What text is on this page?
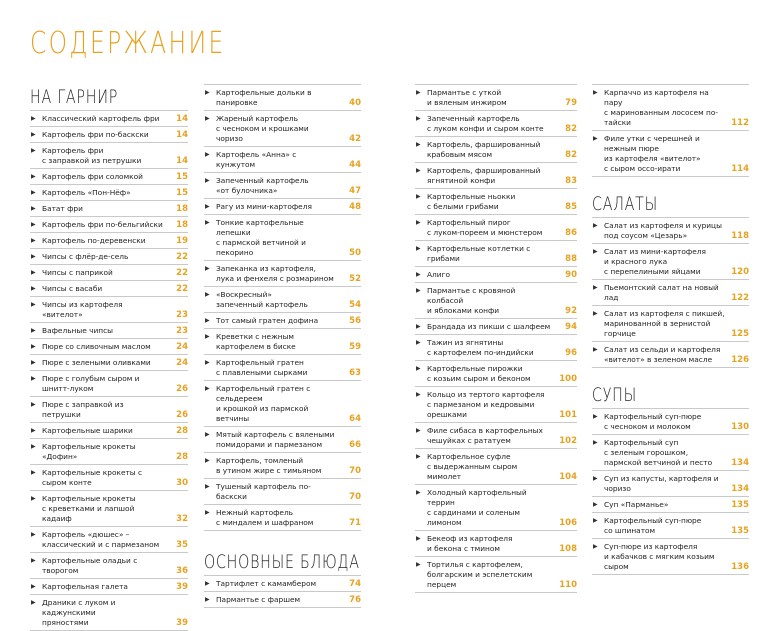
СОДЕРЖАНИЕ
НА ГАРНИР
▶ Классический картофель фри	14
▶ Картофель фри по-баскски	14
▶ Картофель фри
с заправкой из петрушки	14
▶ Картофель фри соломкой	15
▶ Картофель «Пон-Нёф»	15
▶ Батат фри	18
▶ Картофель фри по-бельгийски	18
▶ Картофель по-деревенски	19
▶ Чипсы с флёр-де-сель	22
▶ Чипсы с паприкой	22
▶ Чипсы с васаби	22
▶ Чипсы из картофеля «вителот»	23
▶ Вафельные чипсы	23
▶ Пюре со сливочным маслом	24
▶ Пюре с зелеными оливками	24
▶ Пюре с голубым сыром и шнитт-луком	26
▶ Пюре с заправкой из петрушки	26
▶ Картофельные шарики	28
▶ Картофельные крокеты «Дофин»	28
▶ Картофельные крокеты с сыром конте	30
▶ Картофельные крокеты
с креветками и лапшой кадаиф	32
▶ Картофель «дюшес» –
классический и с пармезаном	35
▶ Картофельные оладьи с творогом	36
▶ Картофельная галета	39
▶ Драники с луком и каджунскими
пряностями	39
▶ Картофельные дольки в панировке	40
▶ Жареный картофель
с чесноком и крошками чоризо	42
▶ Картофель «Анна» с кунжутом	44
▶ Запеченный картофель
«от булочника»	47
▶ Рагу из мини-картофеля	48
▶ Тонкие картофельные лепешки
с пармской ветчиной и пекорино	50
▶ Запеканка из картофеля,
лука и фенхеля с розмарином	52
▶ «Воскресный»
запеченный картофель	54
▶ Тот самый гратен дофина	56
▶ Креветки с нежным
картофелем в биске	59
▶ Картофельный гратен
с плавлеными сырками	63
▶ Картофельный гратен с сельдереем
и крошкой из пармской ветчины	64
▶ Мятый картофель с вялеными
помидорами и пармезаном	66
▶ Картофель, томленый
в утином жире с тимьяном	70
▶ Тушеный картофель по-баскски	70
▶ Нежный картофель
с миндалем и шафраном	71
ОСНОВНЫЕ БЛЮДА
▶ Тартифлет с камамбером	74
▶ Пармантье с фаршем	76
▶ Пармантье с уткой
и вяленым инжиром	79
▶ Запеченный картофель
с луком конфи и сыром конте	82
▶ Картофель, фаршированный
крабовым мясом	82
▶ Картофель, фаршированный
ягнятиной конфи	83
▶ Картофельные ньокки
с белыми грибами	85
▶ Картофельный пирог
с луком-пореем и мюнстером	86
▶ Картофельные котлетки с грибами	88
▶ Алиго	90
▶ Пармантье с кровяной колбасой
и яблоками конфи	92
▶ Брандада из пикши с шалфеем	94
▶ Тажин из ягнятины
с картофелем по-индийски	96
▶ Картофельные пирожки
с козьим сыром и беконом	100
▶ Кольцо из тертого картофеля
с пармезаном и кедровыми орешками	101
▶ Филе сибаса в картофельных
чешуйках с рататуем	102
▶ Картофельное суфле
с выдержанным сыром мимолет	104
▶ Холодный картофельный террин
с сардинами и соленым лимоном	106
▶ Бекеоф из картофеля
и бекона с тмином	108
▶ Тортилья с картофелем,
болгарским и эспелетским перцем	110
▶ Карпаччо из картофеля на пару
с маринованным лососем по-тайски	112
▶ Филе утки с черешней и нежным пюре
из картофеля «вителот»
с сыром оссо-ирати	114
САЛАТЫ
▶ Салат из картофеля и курицы
под соусом «Цезарь»	118
▶ Салат из мини-картофеля
и красного лука
с перепелиными яйцами	120
▶ Пьемонтский салат на новый лад	122
▶ Салат из картофеля с пикшей,
маринованной в зернистой горчице	125
▶ Салат из сельди и картофеля
«вителот» в зеленом масле	126
СУПЫ
▶ Картофельный суп-пюре
с чесноком и молоком	130
▶ Картофельный суп
с зеленым горошком,
пармской ветчиной и песто	134
▶ Суп из капусты, картофеля и чоризо	134
▶ Суп «Парманье»	135
▶ Картофельный суп-пюре
со шпинатом	135
▶ Суп-пюре из картофеля
и кабачков с мягким козьим сыром	136
